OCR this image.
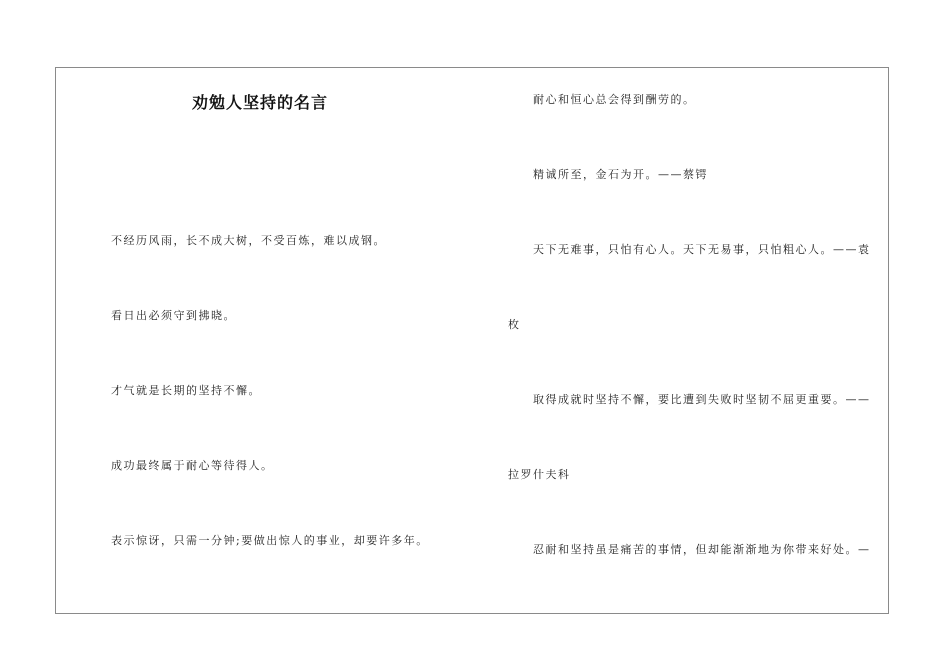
劝勉人坚持的名言
不经历风雨，长不成大树，不受百炼，难以成钢。
看日出必须守到拂晓。
才气就是长期的坚持不懈。
成功最终属于耐心等待得人。
表示惊讶，只需一分钟;要做出惊人的事业，却要许多年。
耐心和恒心总会得到酬劳的。
精诚所至，金石为开。——蔡锷
天下无难事，只怕有心人。天下无易事，只怕粗心人。——袁
枚
取得成就时坚持不懈，要比遭到失败时坚韧不屈更重要。——
拉罗什夫科
忍耐和坚持虽是痛苦的事情，但却能渐渐地为你带来好处。—
